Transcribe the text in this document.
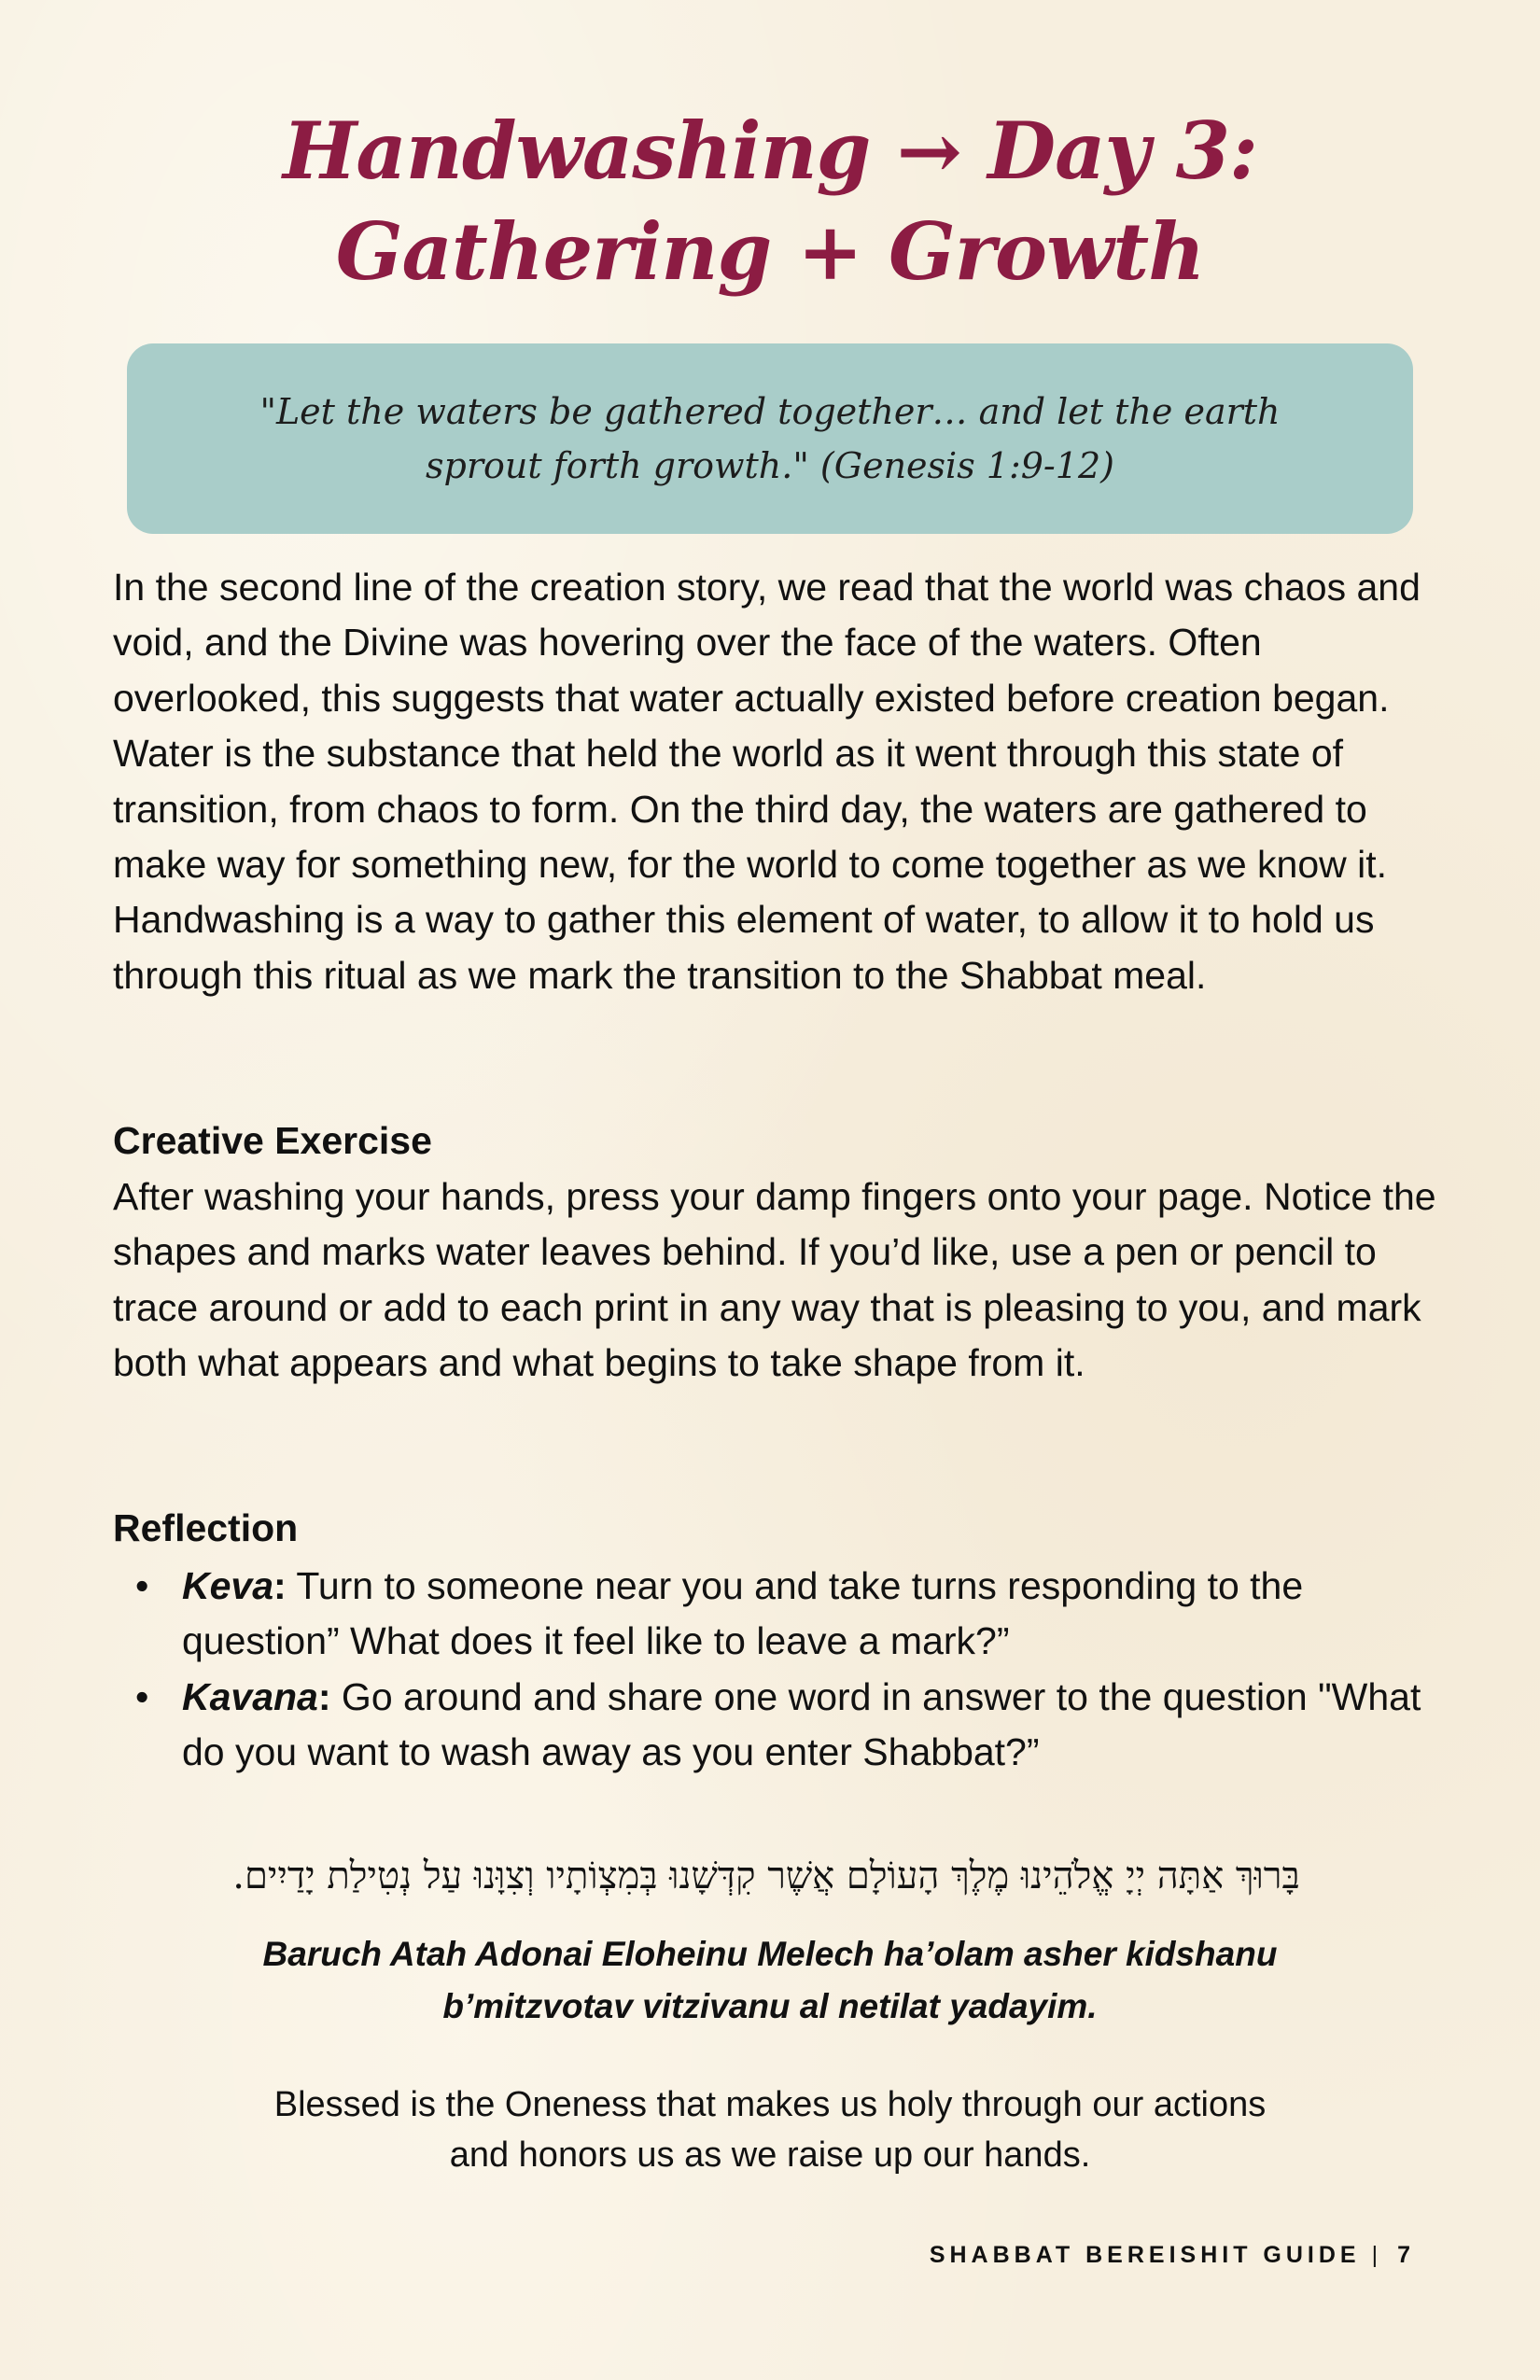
Handwashing → Day 3:
Gathering + Growth

"Let the waters be gathered together… and let the earth
sprout forth growth." (Genesis 1:9-12)

In the second line of the creation story, we read that the world was chaos and void, and the Divine was hovering over the face of the waters. Often overlooked, this suggests that water actually existed before creation began. Water is the substance that held the world as it went through this state of transition, from chaos to form. On the third day, the waters are gathered to make way for something new, for the world to come together as we know it. Handwashing is a way to gather this element of water, to allow it to hold us through this ritual as we mark the transition to the Shabbat meal.

Creative Exercise

After washing your hands, press your damp fingers onto your page. Notice the shapes and marks water leaves behind. If you’d like, use a pen or pencil to trace around or add to each print in any way that is pleasing to you, and mark both what appears and what begins to take shape from it.

Reflection
• Keva: Turn to someone near you and take turns responding to the question” What does it feel like to leave a mark?”
• Kavana: Go around and share one word in answer to the question "What do you want to wash away as you enter Shabbat?”

בָּרוּךְ אַתָּה יְיָ אֱלֹהֵינוּ מֶלֶךְ הָעוֹלָם אֲשֶׁר קִדְּשָׁנוּ בְּמִצְוֹתָיו וְצִוָּנוּ עַל נְטִילַת יָדַיִים.

Baruch Atah Adonai Eloheinu Melech ha’olam asher kidshanu
b’mitzvotav vitzivanu al netilat yadayim.

Blessed is the Oneness that makes us holy through our actions
and honors us as we raise up our hands.

SHABBAT BEREISHIT GUIDE | 7
